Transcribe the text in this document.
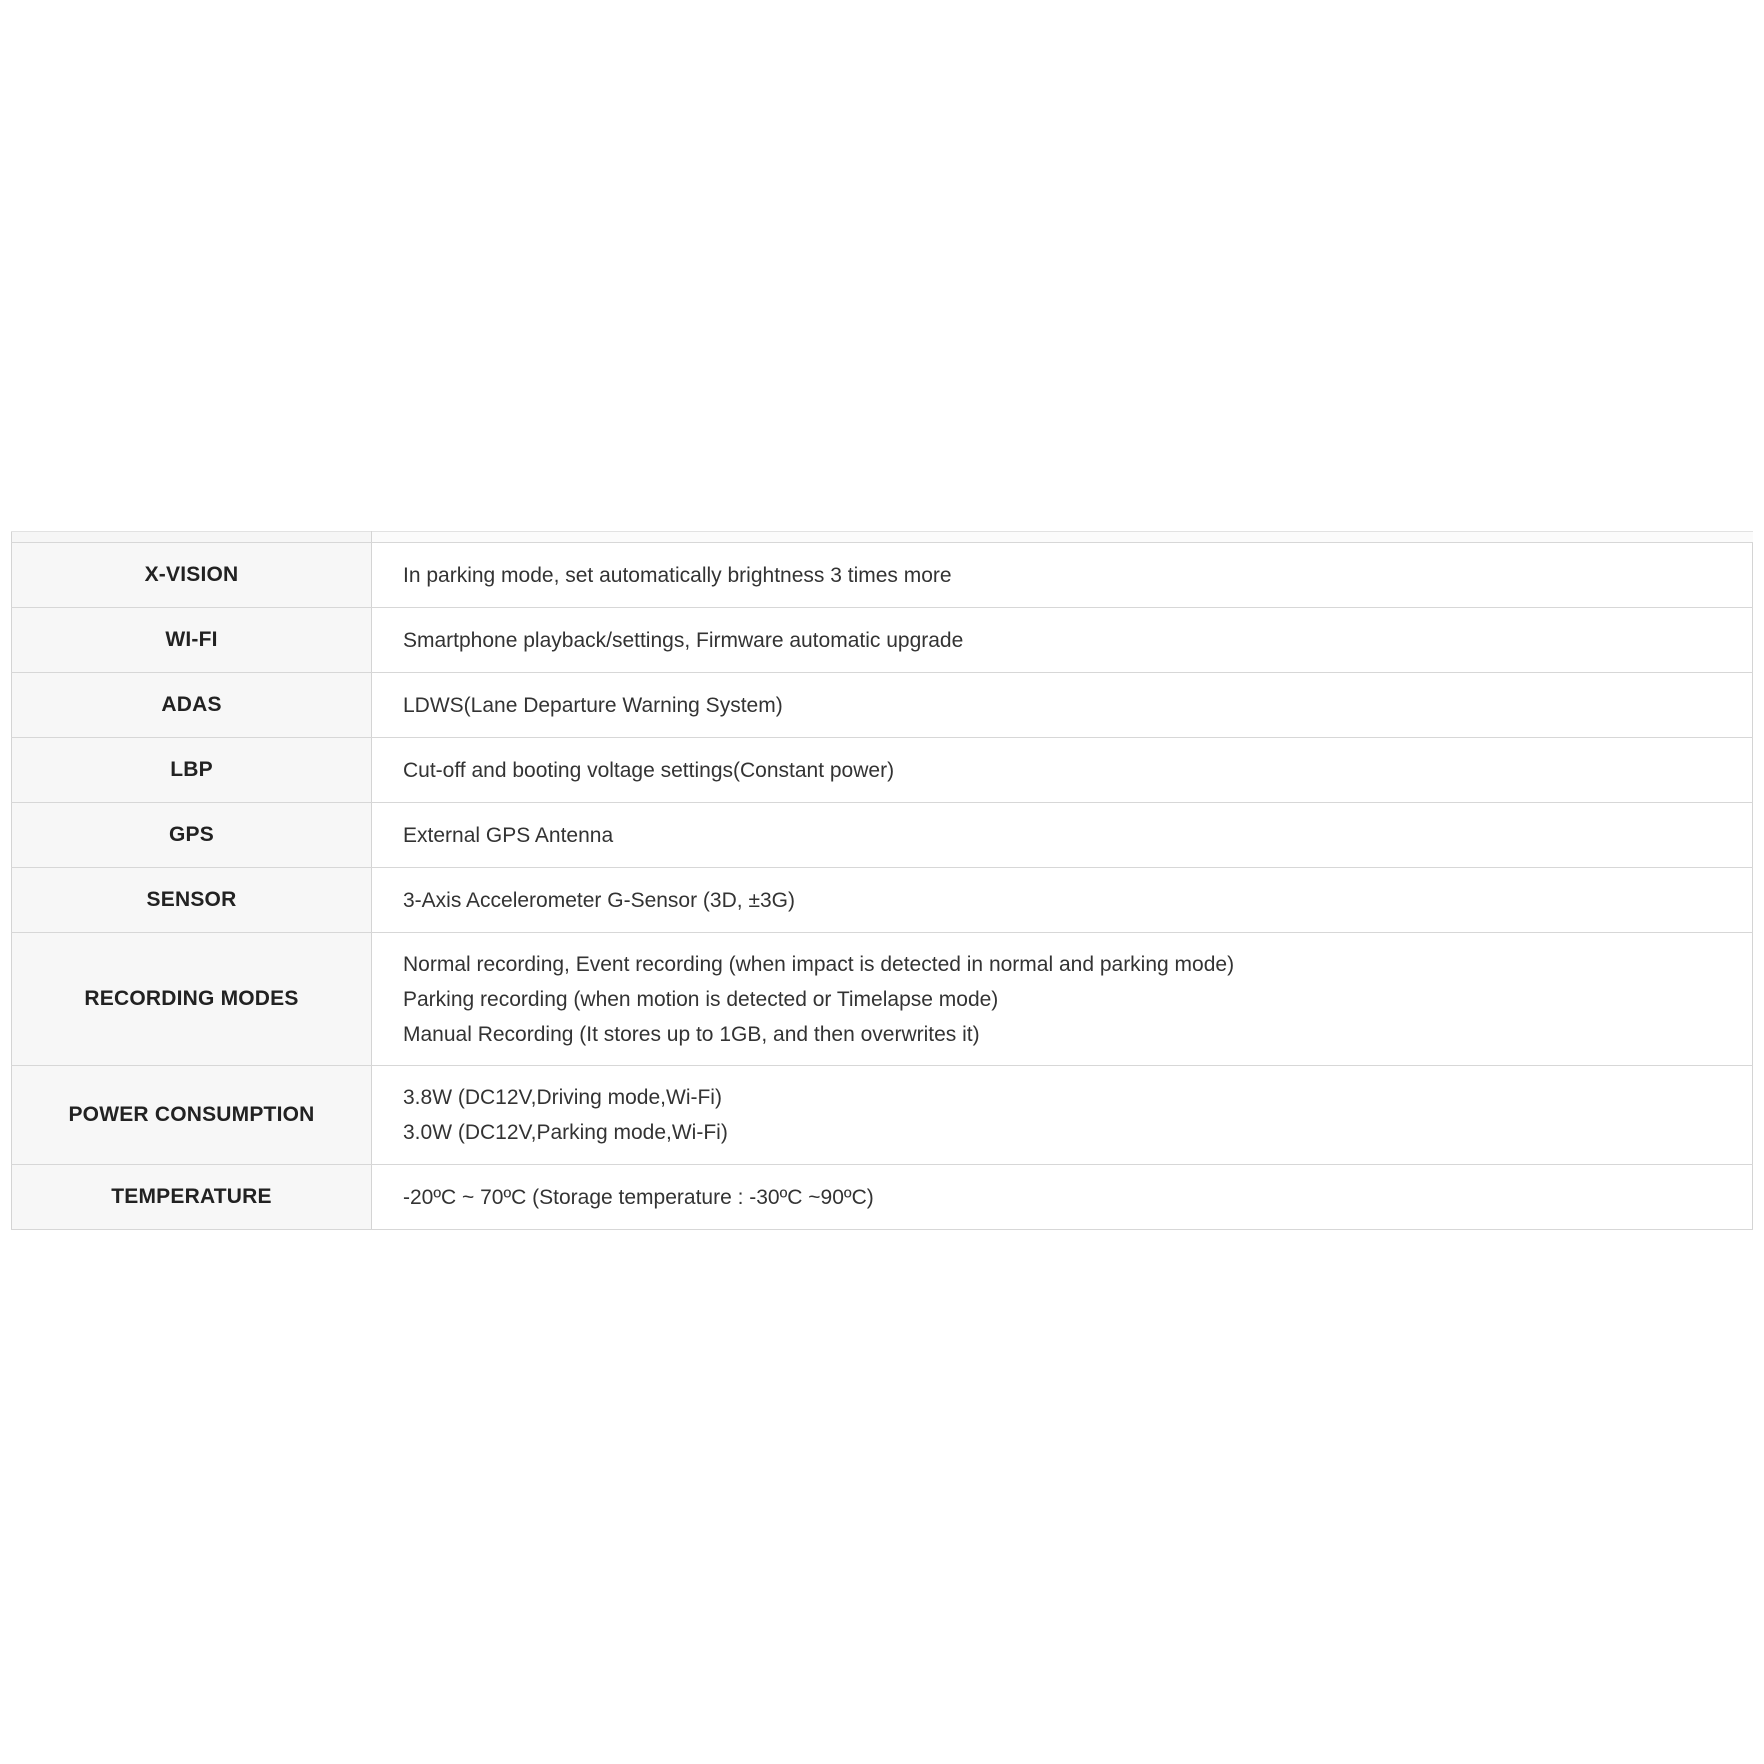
X-VISION	In parking mode, set automatically brightness 3 times more

WI-FI	Smartphone playback/settings, Firmware automatic upgrade

ADAS	LDWS(Lane Departure Warning System)

LBP	Cut-off and booting voltage settings(Constant power)

GPS	External GPS Antenna

SENSOR	3-Axis Accelerometer G-Sensor (3D, ±3G)

RECORDING MODES	Normal recording, Event recording (when impact is detected in normal and parking mode)
Parking recording (when motion is detected or Timelapse mode)
Manual Recording (It stores up to 1GB, and then overwrites it)

POWER CONSUMPTION	3.8W (DC12V,Driving mode,Wi-Fi)
3.0W (DC12V,Parking mode,Wi-Fi)

TEMPERATURE	-20ºC ~ 70ºC (Storage temperature : -30ºC ~90ºC)
